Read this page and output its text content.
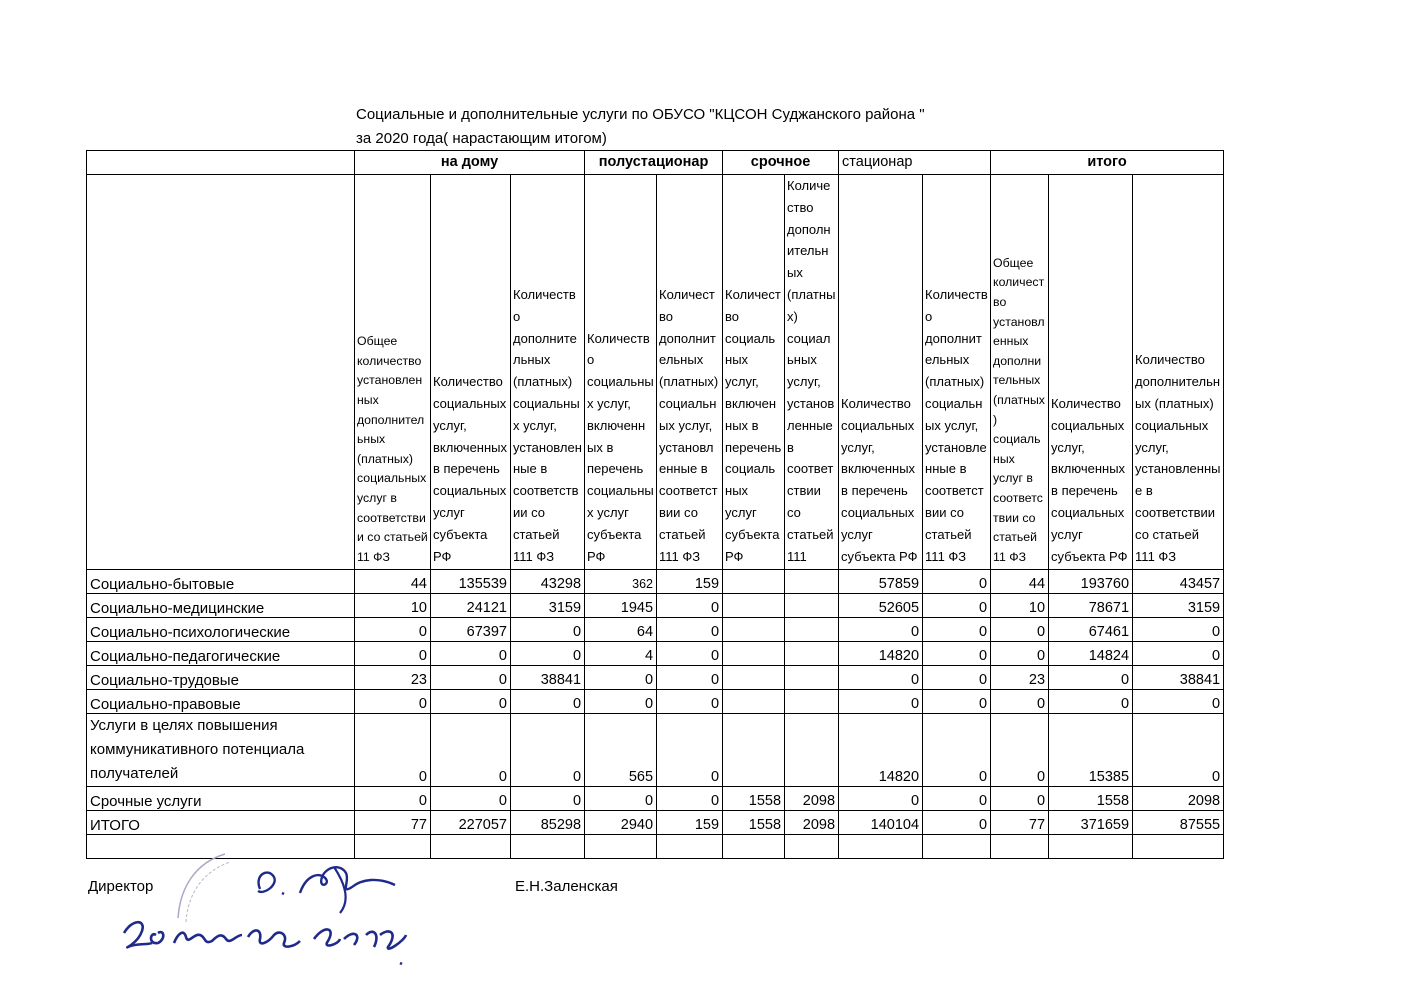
Социальные и дополнительные услуги по ОБУСО "КЦСОН Суджанского района "
за 2020 года( нарастающим итогом)
	на дому			полустационар		срочное		стационар		итого		
	Общее количество установленных дополнительных (платных) социальных услуг в соответствии со статьей 11 ФЗ	Количество социальных услуг, включенных в перечень социальных услуг субъекта РФ	Количество дополнительных (платных) социальных услуг, установленные в соответствии со статьей 111 ФЗ	Количество социальных услуг, включенных в перечень социальных услуг субъекта РФ	Количество дополнительных (платных) социальных услуг, установленные в соответствии со статьей 111 ФЗ	Количество социальных услуг, включенных в перечень социальных услуг субъекта РФ	Количество дополнительных (платных) социальных услуг, установленные в соответствии со статьей 111	Количество социальных услуг, включенных в перечень социальных услуг субъекта РФ	Количество дополнительных (платных) социальных услуг, установленные в соответствии со статьей 111 ФЗ	Общее количество установленных дополнительных (платных) социальных услуг в соответствии со статьей 11 ФЗ	Количество социальных услуг, включенных в перечень социальных услуг субъекта РФ	Количество дополнительных (платных) социальных услуг, установленные в соответствии со статьей 111 ФЗ
Социально-бытовые	44	135539	43298	362	159			57859	0	44	193760	43457
Социально-медицинские	10	24121	3159	1945	0			52605	0	10	78671	3159
Социально-психологические	0	67397	0	64	0			0	0	0	67461	0
Социально-педагогические	0	0	0	4	0			14820	0	0	14824	0
Социально-трудовые	23	0	38841	0	0			0	0	23	0	38841
Социально-правовые	0	0	0	0	0			0	0	0	0	0
Услуги в целях повышения коммуникативного потенциала получателей	0	0	0	565	0			14820	0	0	15385	0
Срочные услуги	0	0	0	0	0	1558	2098	0	0	0	1558	2098
ИТОГО	77	227057	85298	2940	159	1558	2098	140104	0	77	371659	87555

Директор	Е.Н.Заленская
